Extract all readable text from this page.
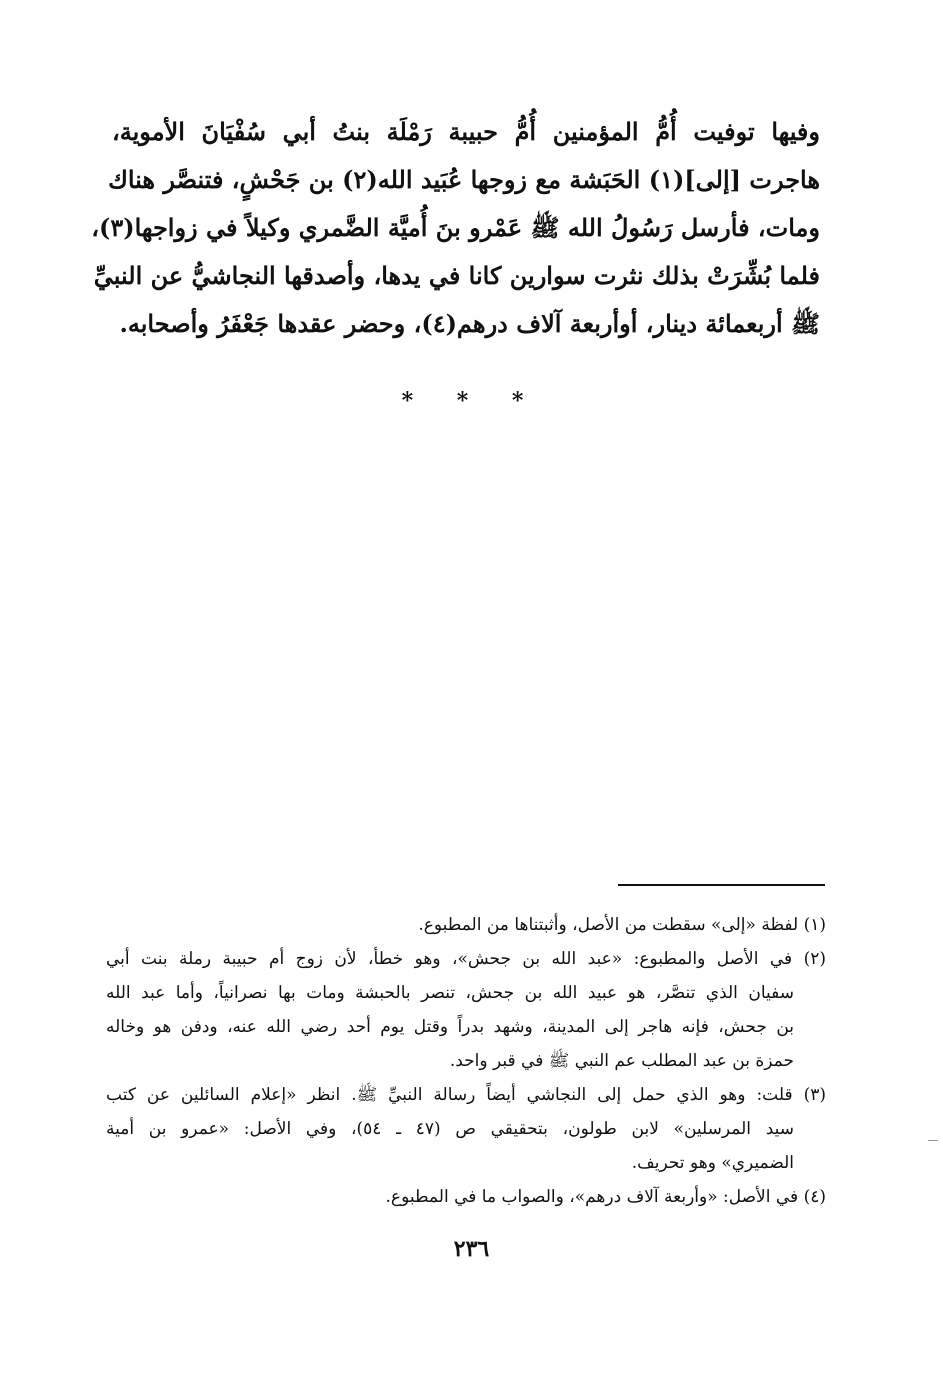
وفيها توفيت أُمُّ المؤمنين أُمُّ حبيبة رَمْلَة بنتُ أبي سُفْيَانَ الأموية،
هاجرت [إلى](١) الحَبَشة مع زوجها عُبَيد الله(٢) بن جَحْشٍ، فتنصَّر هناك
ومات، فأرسل رَسُولُ الله ﷺ عَمْرو بنَ أُميَّة الضَّمري وكيلاً في زواجها(٣)،
فلما بُشِّرَتْ بذلك نثرت سوارين كانا في يدها، وأصدقها النجاشيُّ عن النبيِّ
ﷺ أربعمائة دينار، أوأربعة آلاف درهم(٤)، وحضر عقدها جَعْفَرُ وأصحابه.
* * *
(١) لفظة «إلى» سقطت من الأصل، وأثبتناها من المطبوع.
(٢) في الأصل والمطبوع: «عبد الله بن جحش»، وهو خطأ، لأن زوج أم حبيبة رملة بنت أبي
سفيان الذي تنصَّر، هو عبيد الله بن جحش، تنصر بالحبشة ومات بها نصرانياً، وأما عبد الله
بن جحش، فإنه هاجر إلى المدينة، وشهد بدراً وقتل يوم أحد رضي الله عنه، ودفن هو وخاله
حمزة بن عبد المطلب عم النبي ﷺ في قبر واحد.
(٣) قلت: وهو الذي حمل إلى النجاشي أيضاً رسالة النبيِّ ﷺ. انظر «إعلام السائلين عن كتب
سيد المرسلين» لابن طولون، بتحقيقي ص (٤٧ ـ ٥٤)، وفي الأصل: «عمرو بن أمية
الضميري» وهو تحريف.
(٤) في الأصل: «وأربعة آلاف درهم»، والصواب ما في المطبوع.
٢٣٦
